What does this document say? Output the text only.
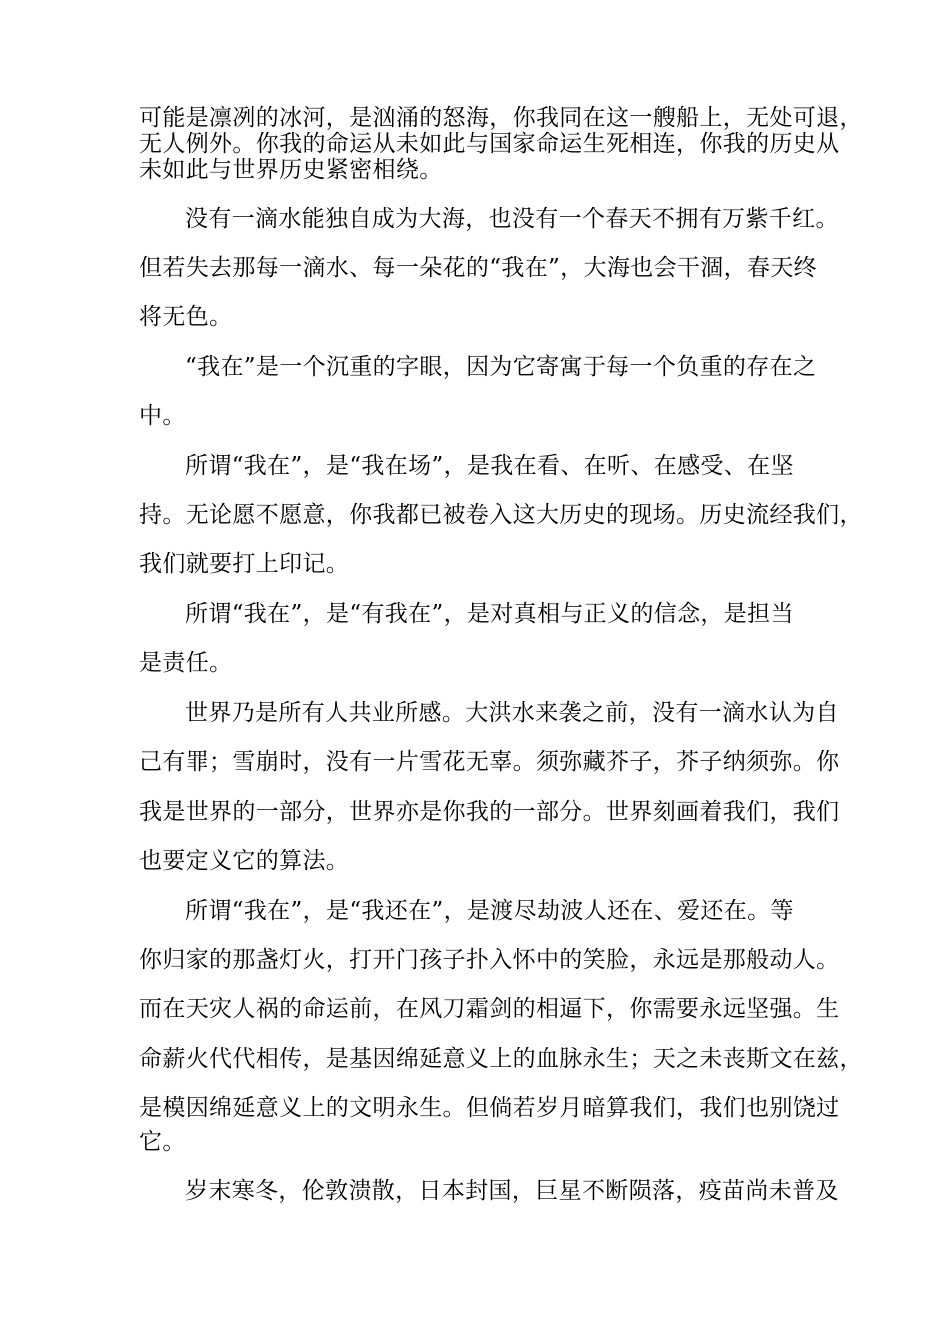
可能是凛冽的冰河，是汹涌的怒海，你我同在这一艘船上，无处可退，
无人例外。你我的命运从未如此与国家命运生死相连，你我的历史从
未如此与世界历史紧密相绕。
没有一滴水能独自成为大海，也没有一个春天不拥有万紫千红。
但若失去那每一滴水、每一朵花的“我在”，大海也会干涸，春天终
将无色。
“我在”是一个沉重的字眼，因为它寄寓于每一个负重的存在之
中。
所谓“我在”，是“我在场”，是我在看、在听、在感受、在坚
持。无论愿不愿意，你我都已被卷入这大历史的现场。历史流经我们，
我们就要打上印记。
所谓“我在”，是“有我在”，是对真相与正义的信念，是担当
是责任。
世界乃是所有人共业所感。大洪水来袭之前，没有一滴水认为自
己有罪；雪崩时，没有一片雪花无辜。须弥藏芥子，芥子纳须弥。你
我是世界的一部分，世界亦是你我的一部分。世界刻画着我们，我们
也要定义它的算法。
所谓“我在”，是“我还在”，是渡尽劫波人还在、爱还在。等
你归家的那盏灯火，打开门孩子扑入怀中的笑脸，永远是那般动人。
而在天灾人祸的命运前，在风刀霜剑的相逼下，你需要永远坚强。生
命薪火代代相传，是基因绵延意义上的血脉永生；天之未丧斯文在兹，
是模因绵延意义上的文明永生。但倘若岁月暗算我们，我们也别饶过
它。
岁末寒冬，伦敦溃散，日本封国，巨星不断陨落，疫苗尚未普及
